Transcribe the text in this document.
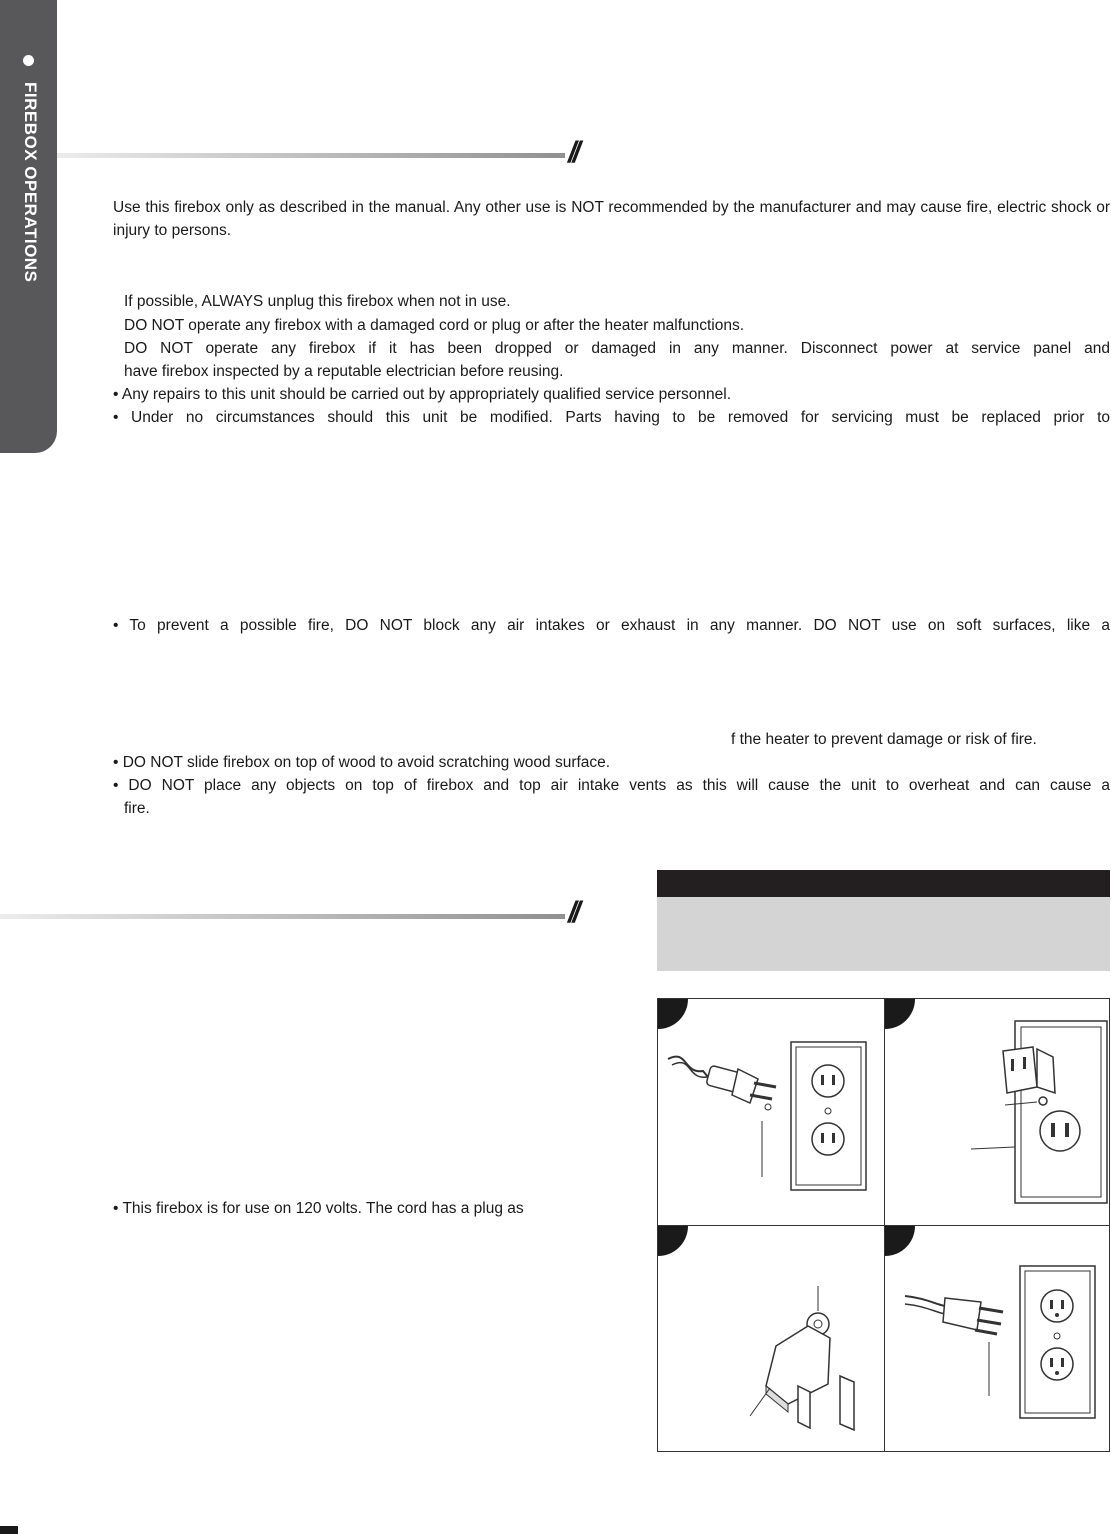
FIREBOX OPERATIONS	//
Use this firebox only as described in the manual. Any other use is NOT recommended by the manufacturer and may cause fire, electric shock or injury to persons.
If possible, ALWAYS unplug this firebox when not in use.
DO NOT operate any firebox with a damaged cord or plug or after the heater malfunctions.
DO NOT operate any firebox if it has been dropped or damaged in any manner. Disconnect power at service panel and
have firebox inspected by a reputable electrician before reusing.
• Any repairs to this unit should be carried out by appropriately qualified service personnel.
• Under no circumstances should this unit be modified. Parts having to be removed for servicing must be replaced prior to
• To prevent a possible fire, DO NOT block any air intakes or exhaust in any manner. DO NOT use on soft surfaces, like a
f the heater to prevent damage or risk of fire.
• DO NOT slide firebox on top of wood to avoid scratching wood surface.
• DO NOT place any objects on top of firebox and top air intake vents as this will cause the unit to overheat and can cause a
fire.
//
• This firebox is for use on 120 volts. The cord has a plug as
